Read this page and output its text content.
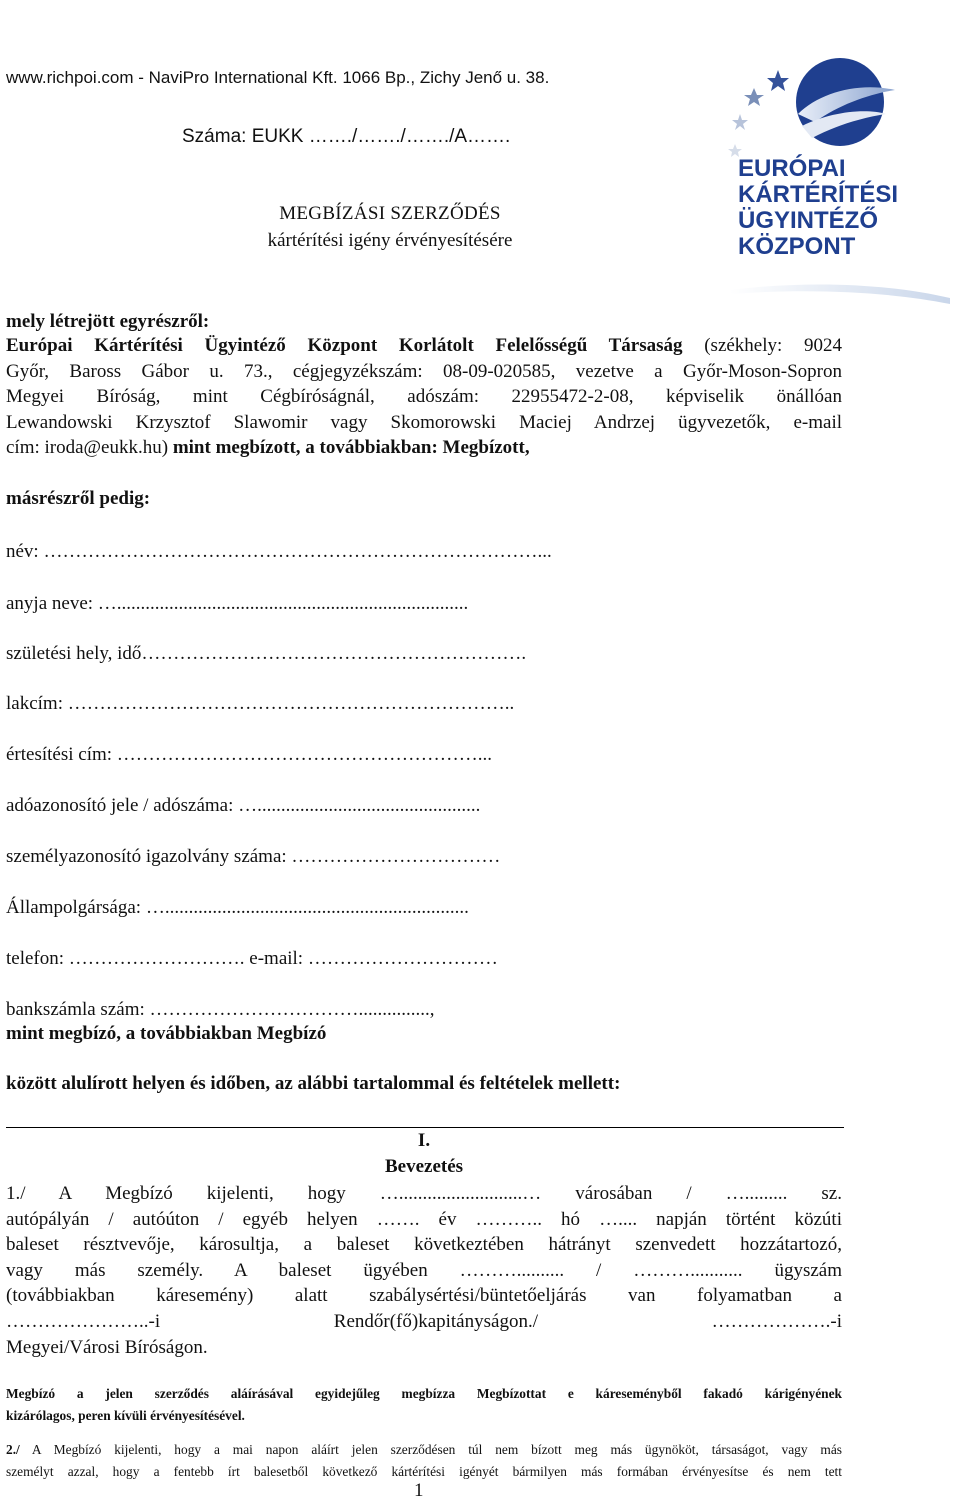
www.richpoi.com - NaviPro International Kft. 1066 Bp., Zichy Jenő u. 38.
Száma: EUKK ……./……./……./A…….
EURÓPAI
KÁRTÉRÍTÉSI
ÜGYINTÉZŐ
KÖZPONT
MEGBÍZÁSI SZERZŐDÉS
kártérítési igény érvényesítésére
mely létrejött egyrészről:
Európai Kártérítési Ügyintéző Központ Korlátolt Felelősségű Társaság (székhely: 9024
Győr, Baross Gábor u. 73., cégjegyzékszám: 08-09-020585, vezetve a Győr-Moson-Sopron
Megyei Bíróság, mint Cégbíróságnál, adószám: 22955472-2-08, képviselik önállóan
Lewandowski Krzysztof Slawomir vagy Skomorowski Maciej Andrzej ügyvezetők, e-mail
cím: iroda@eukk.hu) mint megbízott, a továbbiakban: Megbízott,
másrészről pedig:
név: ……………………………………………………………………...
anyja neve: …..........................................................................
születési hely, idő…………………………………………………….
lakcím: ……………………………………………………………..
értesítési cím: …………………………………………………...
adóazonosító jele / adószáma: …...............................................
személyazonosító igazolvány száma: ……………………………
Állampolgársága: …................................................................
telefon: ………………………. e-mail: …………………………
bankszámla szám: ……………………………...............,
mint megbízó, a továbbiakban Megbízó
között alulírott helyen és időben, az alábbi tartalommal és feltételek mellett:
I.
Bevezetés
1./ A Megbízó kijelenti, hogy …..........................… városában / …......... sz.
autópályán / autóúton / egyéb helyen ……. év ……….. hó ….... napján történt közúti
baleset résztvevője, károsultja, a baleset következtében hátrányt szenvedett hozzátartozó,
vagy más személy. A baleset ügyében ……….......... / ………........... ügyszám
(továbbiakban káresemény) alatt szabálysértési/büntetőeljárás van folyamatban a
…………………..-i Rendőr(fő)kapitányságon./ ……………….-i
Megyei/Városi Bíróságon.
Megbízó a jelen szerződés aláírásával egyidejűleg megbízza Megbízottat e káreseményből fakadó kárigényének
kizárólagos, peren kívüli érvényesítésével.
2./ A Megbízó kijelenti, hogy a mai napon aláírt jelen szerződésen túl nem bízott meg más ügynököt, társaságot, vagy más
személyt azzal, hogy a fentebb írt balesetből következő kártérítési igényét bármilyen más formában érvényesítse és nem tett
1
